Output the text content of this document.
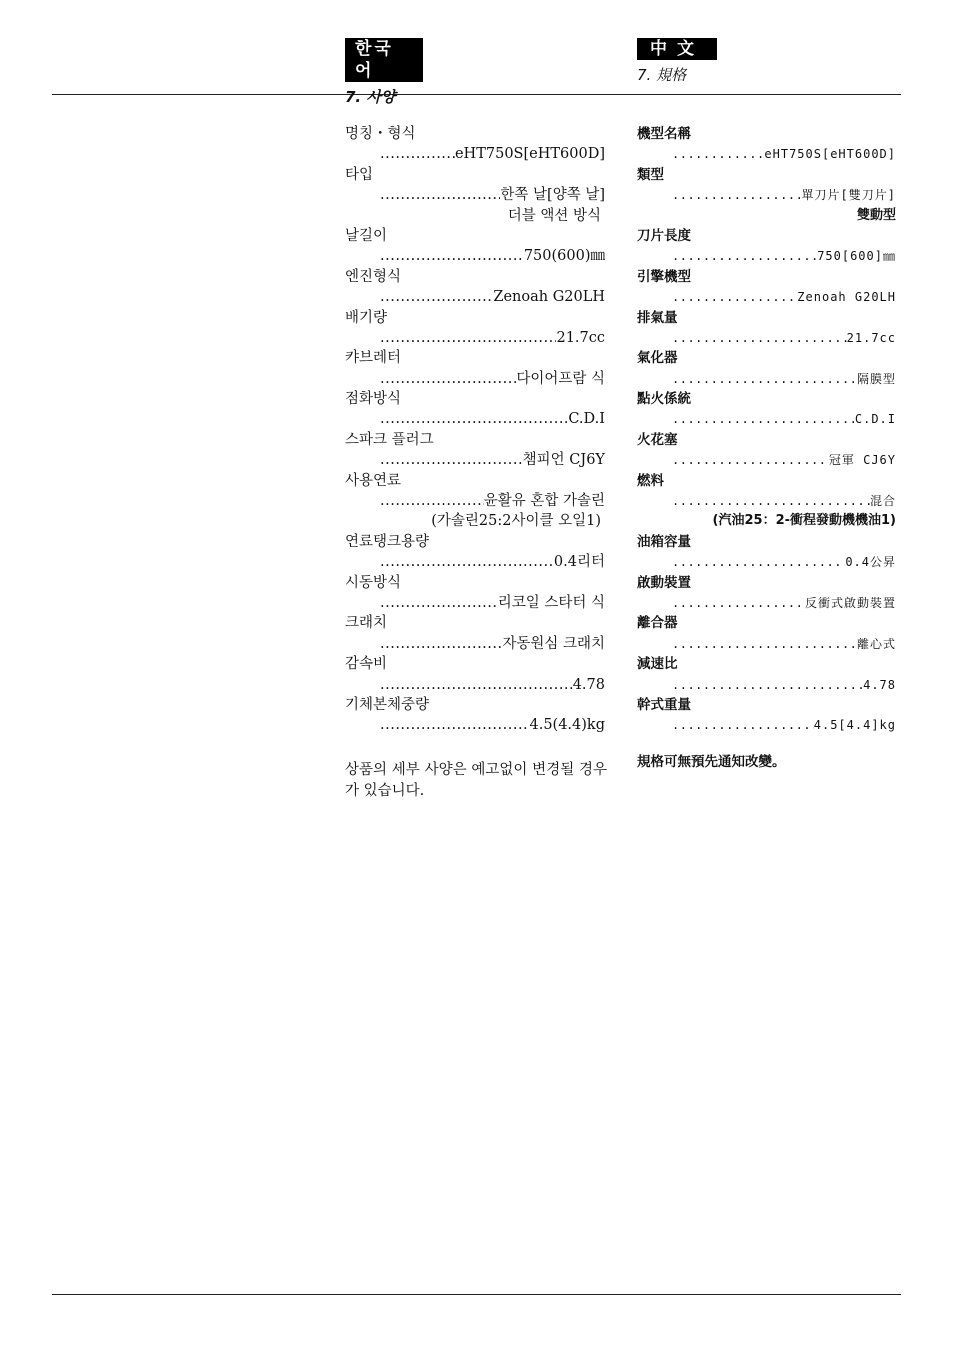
한국어
7. 사양
명칭・형식
.....
eHT750S[eHT600D]
타입
.....
한쪽 날[양쪽 날]
더블 액션 방식
날길이
.....
750(600)㎜
엔진형식
.....
Zenoah G20LH
배기량
.....
21.7cc
캬브레터
.....
다이어프람 식
점화방식
.....
C.D.I
스파크 플러그
.....
챔피언 CJ6Y
사용연료
.....
윤활유 혼합 가솔린
(가솔린25:2사이클 오일1)
연료탱크용량
.....
0.4리터
시동방식
.....
리코일 스타터 식
크래치
.....
자동원심 크래치
감속비
.....
4.78
기체본체중량
.....
4.5(4.4)kg
상품의 세부 사양은 예고없이 변경될 경우가 있습니다.
中文
7. 規格
機型名稱
.....
eHT750S[eHT600D]
類型
.....
單刀片[雙刀片]
雙動型
刀片長度
.....
750[600]㎜
引擎機型
.....
Zenoah G20LH
排氣量
.....
21.7cc
氣化器
.....
隔膜型
點火係統
.....
C.D.I
火花塞
.....
冠軍 CJ6Y
燃料
.....
混合
(汽油25：2-衝程發動機機油1)
油箱容量
.....
0.4公昇
啟動裝置
.....
反衝式啟動裝置
離合器
.....
離心式
減速比
.....
4.78
幹式重量
.....
4.5[4.4]kg
規格可無預先通知改變。
